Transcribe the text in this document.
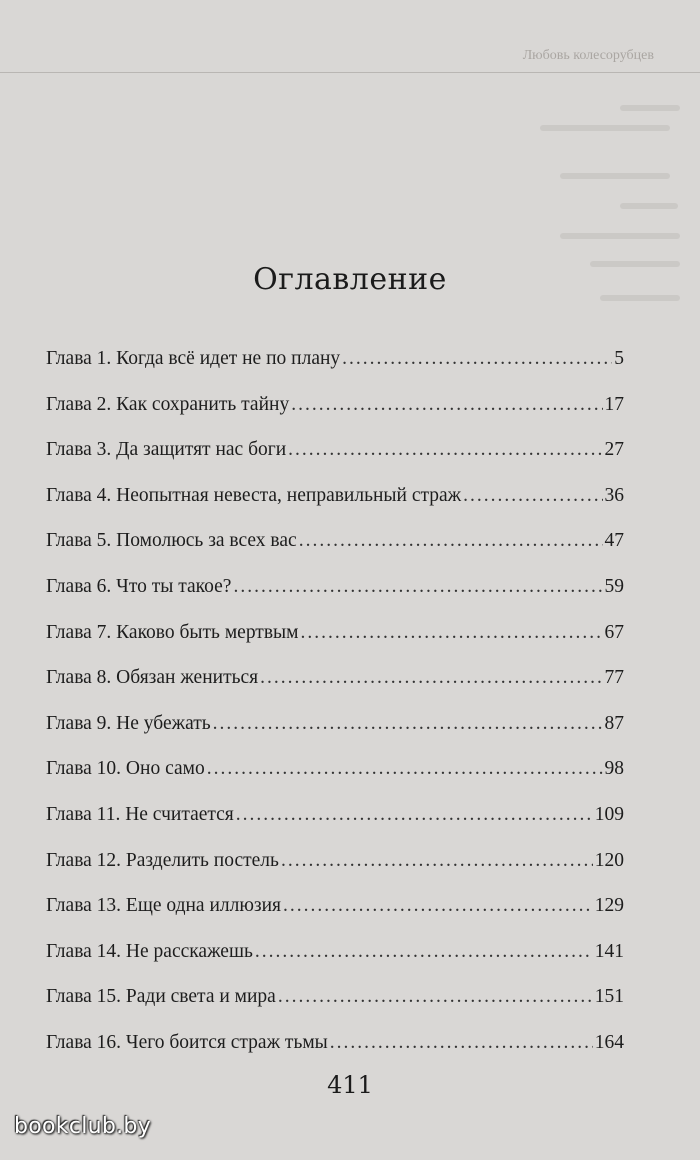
Любовь колесорубцев
Оглавление
Глава 1. Когда всё идет не по плану .....	5
Глава 2. Как сохранить тайну .....	17
Глава 3. Да защитят нас боги .....	27
Глава 4. Неопытная невеста, неправильный страж .....	36
Глава 5. Помолюсь за всех вас .....	47
Глава 6. Что ты такое? .....	59
Глава 7. Каково быть мертвым .....	67
Глава 8. Обязан жениться .....	77
Глава 9. Не убежать .....	87
Глава 10. Оно само .....	98
Глава 11. Не считается .....	109
Глава 12. Разделить постель .....	120
Глава 13. Еще одна иллюзия .....	129
Глава 14. Не расскажешь .....	141
Глава 15. Ради света и мира .....	151
Глава 16. Чего боится страж тьмы .....	164
411
bookclub.by
